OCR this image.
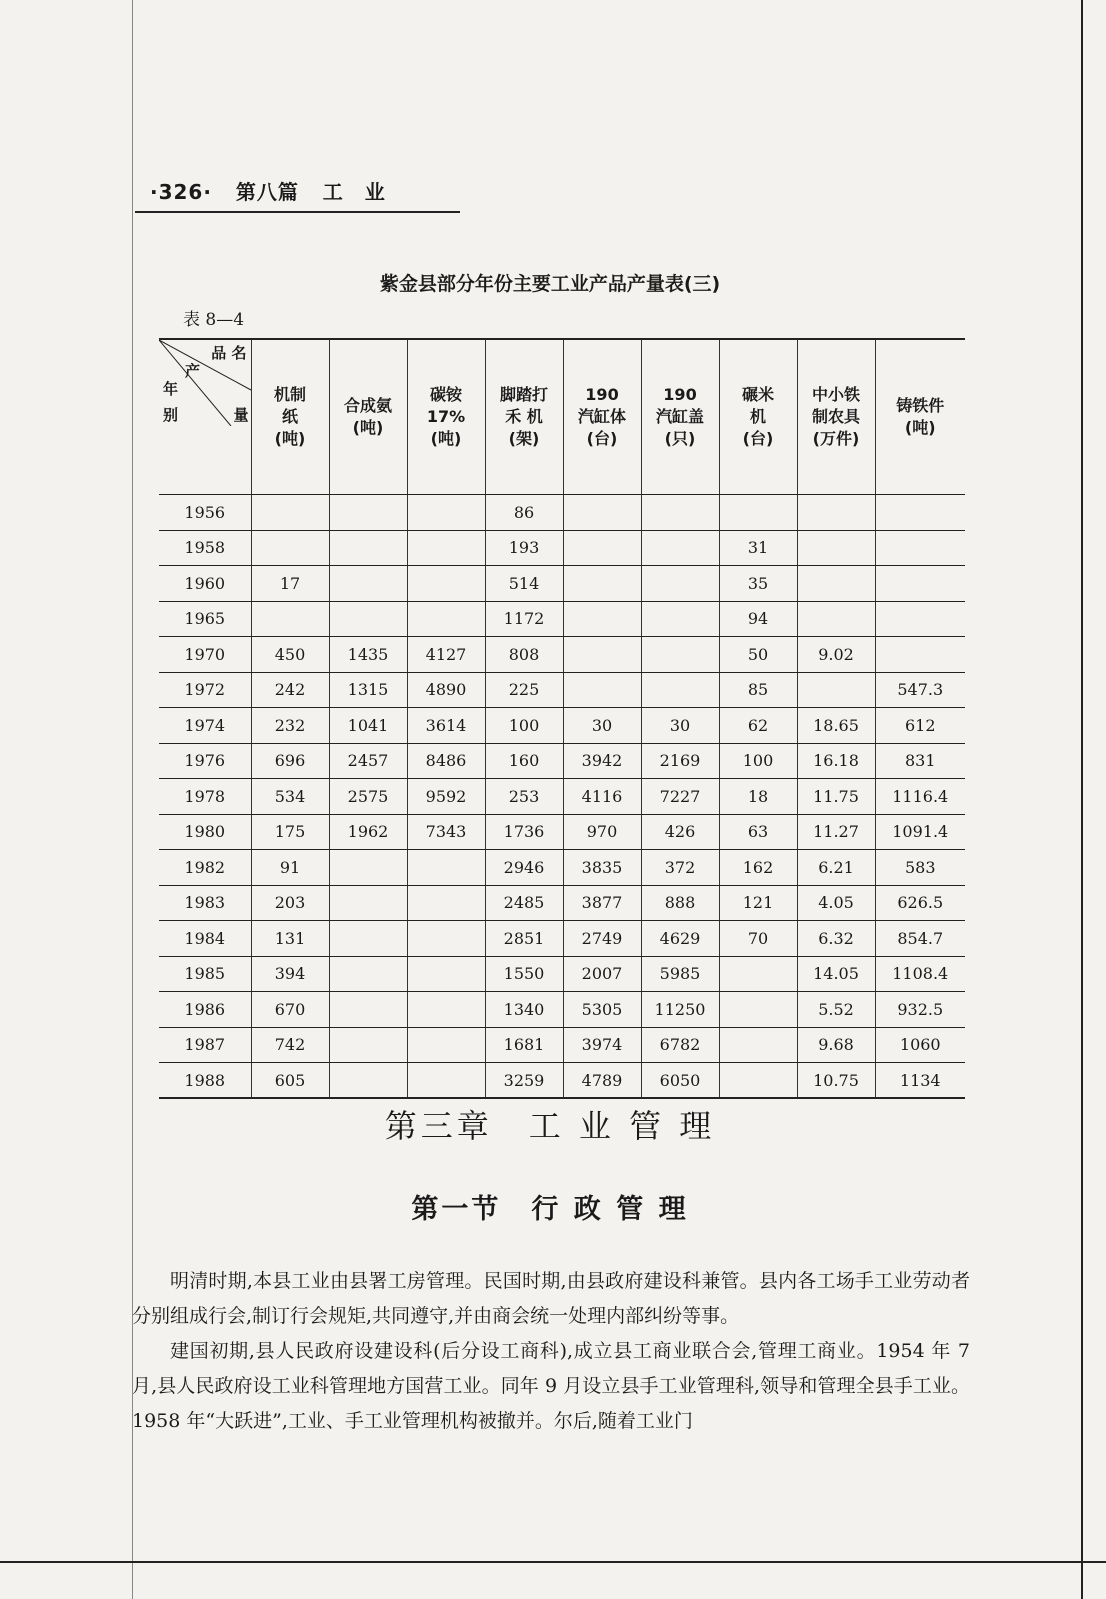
·326· 第八篇 工　业
紫金县部分年份主要工业产品产量表(三)
表 8—4

品 名

产

年

别 量	机制
纸
(吨)	合成氨
(吨)	碳铵
17%
(吨)	脚踏打
禾 机
(架)	190
汽缸体
(台)	190
汽缸盖
(只)	碾米
机
(台)	中小铁
制农具
(万件)	铸铁件
(吨)
1956				86					
1958				193			31		
1960	17			514			35		
1965				1172			94		
1970	450	1435	4127	808			50	9.02	
1972	242	1315	4890	225			85		547.3
1974	232	1041	3614	100	30	30	62	18.65	612
1976	696	2457	8486	160	3942	2169	100	16.18	831
1978	534	2575	9592	253	4116	7227	18	11.75	1116.4
1980	175	1962	7343	1736	970	426	63	11.27	1091.4
1982	91			2946	3835	372	162	6.21	583
1983	203			2485	3877	888	121	4.05	626.5
1984	131			2851	2749	4629	70	6.32	854.7
1985	394			1550	2007	5985		14.05	1108.4
1986	670			1340	5305	11250		5.52	932.5
1987	742			1681	3974	6782		9.68	1060
1988	605			3259	4789	6050		10.75	1134
第三章　工 业 管 理
第一节　行 政 管 理

明清时期,本县工业由县署工房管理。民国时期,由县政府建设科兼管。县内各工场手工业劳动者分别组成行会,制订行会规矩,共同遵守,并由商会统一处理内部纠纷等事。

建国初期,县人民政府设建设科(后分设工商科),成立县工商业联合会,管理工商业。1954 年 7 月,县人民政府设工业科管理地方国营工业。同年 9 月设立县手工业管理科,领导和管理全县手工业。1958 年“大跃进”,工业、手工业管理机构被撤并。尔后,随着工业门
